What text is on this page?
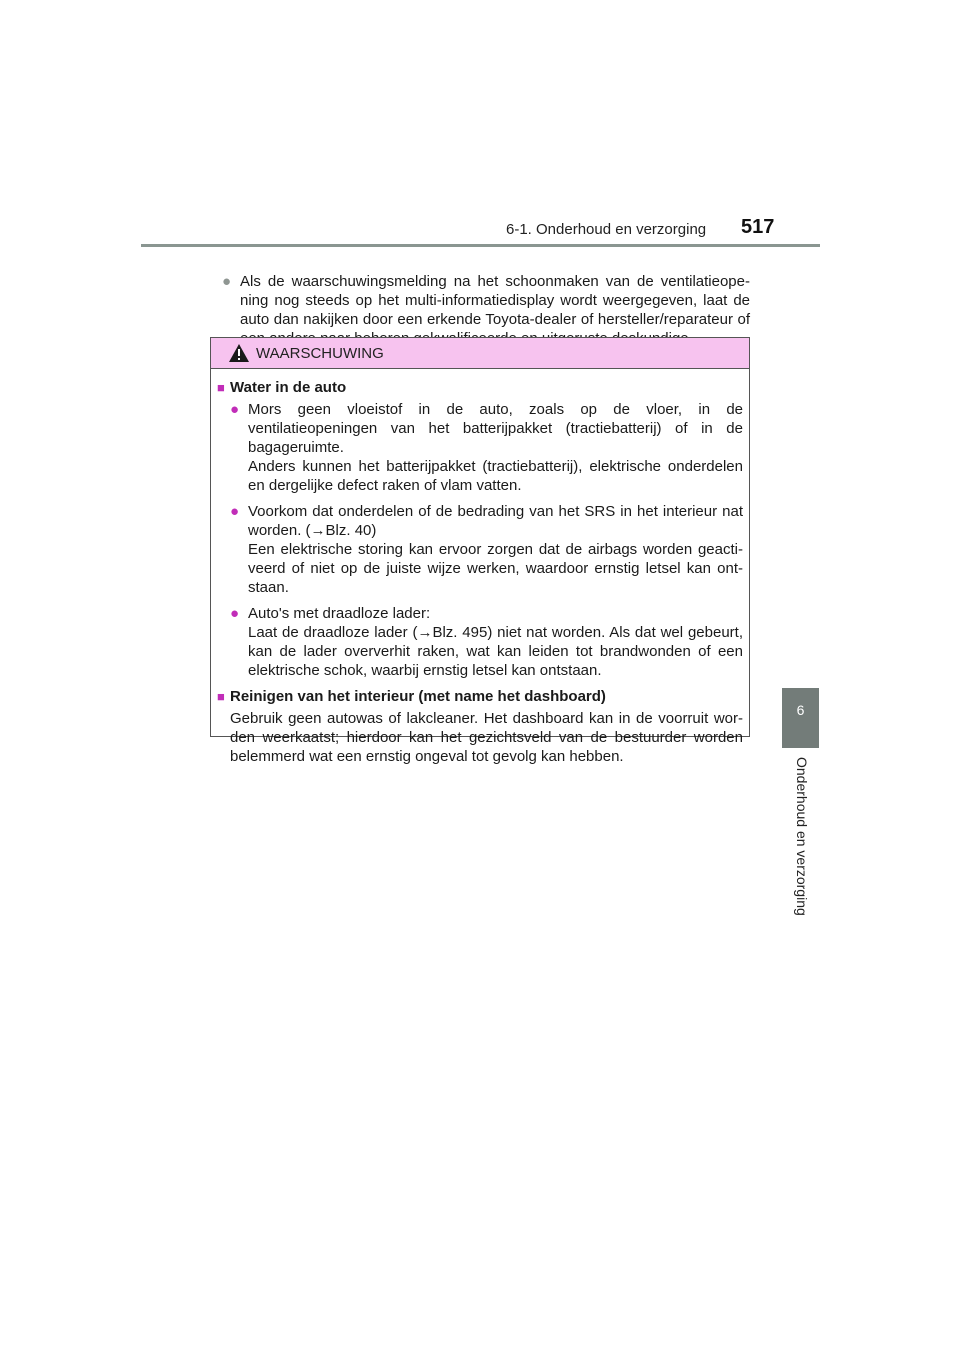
6-1. Onderhoud en verzorging 517
6
Onderhoud en verzorging
● Als de waarschuwingsmelding na het schoonmaken van de ventilatieope-ning nog steeds op het multi-informatiedisplay wordt weergegeven, laat de auto dan nakijken door een erkende Toyota-dealer of hersteller/reparateur of
WAARSCHUWING
■ Water in de auto
● Mors geen vloeistof in de auto, zoals op de vloer, in de ventilatieopeningen van het batterijpakket (tractiebatterij) of in de bagageruimte.
Anders kunnen het batterijpakket (tractiebatterij), elektrische onderdelen en dergelijke defect raken of vlam vatten.
● Voorkom dat onderdelen of de bedrading van het SRS in het interieur nat worden. (→Blz. 40)
Een elektrische storing kan ervoor zorgen dat de airbags worden geacti-veerd of niet op de juiste wijze werken, waardoor ernstig letsel kan ont-staan.
● Auto's met draadloze lader:
Laat de draadloze lader (→Blz. 495) niet nat worden. Als dat wel gebeurt, kan de lader oververhit raken, wat kan leiden tot brandwonden of een elektrische schok, waarbij ernstig letsel kan ontstaan.
■ Reinigen van het interieur (met name het dashboard)
Gebruik geen autowas of lakcleaner. Het dashboard kan in de voorruit wor-den weerkaatst; hierdoor kan het gezichtsveld van de bestuurder worden belemmerd wat een ernstig ongeval tot gevolg kan hebben.
